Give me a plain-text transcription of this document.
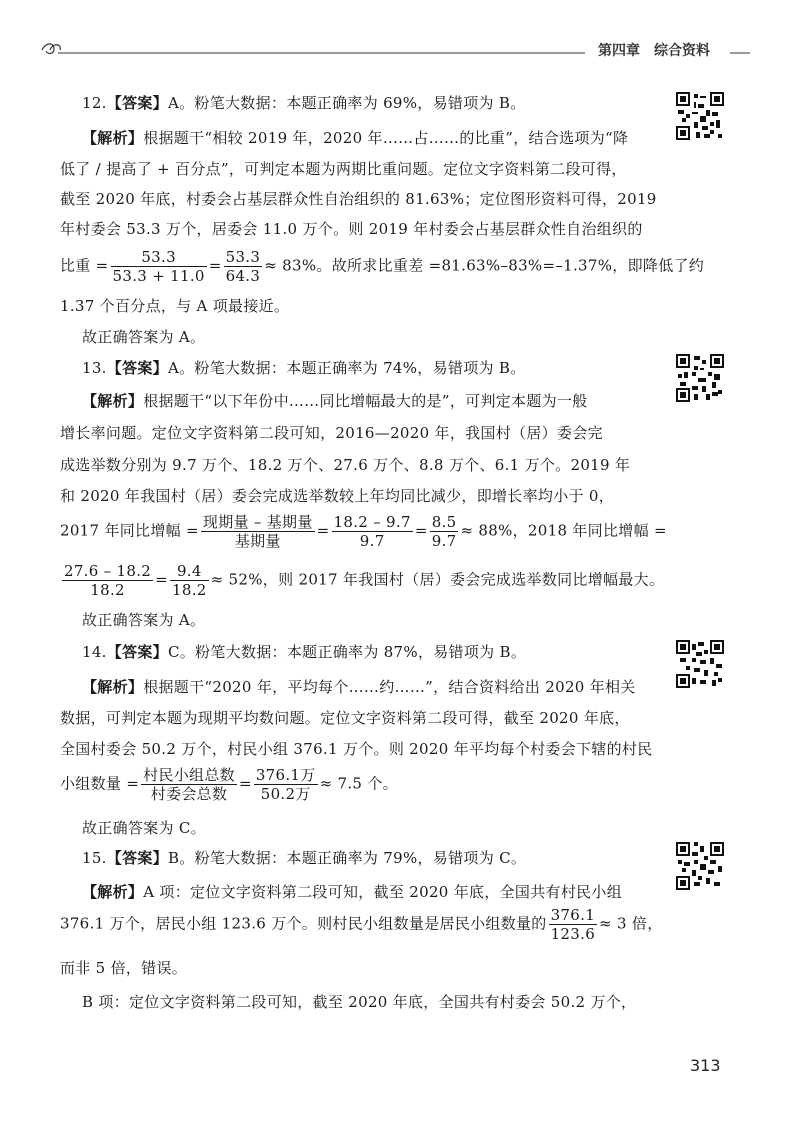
第四章 综合资料
12.【答案】A。粉笔大数据：本题正确率为 69%，易错项为 B。
【解析】根据题干“相较 2019 年，2020 年……占……的比重”，结合选项为“降
低了 / 提高了 + 百分点”，可判定本题为两期比重问题。定位文字资料第二段可得，
截至 2020 年底，村委会占基层群众性自治组织的 81.63%；定位图形资料可得，2019
年村委会 53.3 万个，居委会 11.0 万个。则 2019 年村委会占基层群众性自治组织的
比重 = $\frac{53.3}{53.3 + 11.0} = \frac{53.3}{64.3} \approx 83\%$。故所求比重差 =81.63%–83%=–1.37%，即降低了约
1.37 个百分点，与 A 项最接近。
故正确答案为 A。
13.【答案】A。粉笔大数据：本题正确率为 74%，易错项为 B。
【解析】根据题干“以下年份中……同比增幅最大的是”，可判定本题为一般
增长率问题。定位文字资料第二段可知，2016—2020 年，我国村（居）委会完
成选举数分别为 9.7 万个、18.2 万个、27.6 万个、8.8 万个、6.1 万个。2019 年
和 2020 年我国村（居）委会完成选举数较上年均同比减少，即增长率均小于 0，
2017 年同比增幅 = $\frac{\text{现期量 – 基期量}}{\text{基期量}} = \frac{18.2 - 9.7}{9.7} = \frac{8.5}{9.7} \approx 88\%$，2018 年同比增幅 =
$\frac{27.6 - 18.2}{18.2} = \frac{9.4}{18.2} \approx 52\%$，则 2017 年我国村（居）委会完成选举数同比增幅最大。
故正确答案为 A。
14.【答案】C。粉笔大数据：本题正确率为 87%，易错项为 B。
【解析】根据题干“2020 年，平均每个……约……”，结合资料给出 2020 年相关
数据，可判定本题为现期平均数问题。定位文字资料第二段可得，截至 2020 年底，
全国村委会 50.2 万个，村民小组 376.1 万个。则 2020 年平均每个村委会下辖的村民
小组数量 = $\frac{\text{村民小组总数}}{\text{村委会总数}} = \frac{\text{376.1万}}{\text{50.2万}} \approx 7.5$ 个。
故正确答案为 C。
15.【答案】B。粉笔大数据：本题正确率为 79%，易错项为 C。
【解析】A 项：定位文字资料第二段可知，截至 2020 年底，全国共有村民小组
376.1 万个，居民小组 123.6 万个。则村民小组数量是居民小组数量的 $\frac{376.1}{123.6} \approx 3$ 倍，
而非 5 倍，错误。
B 项：定位文字资料第二段可知，截至 2020 年底，全国共有村委会 50.2 万个，
313
